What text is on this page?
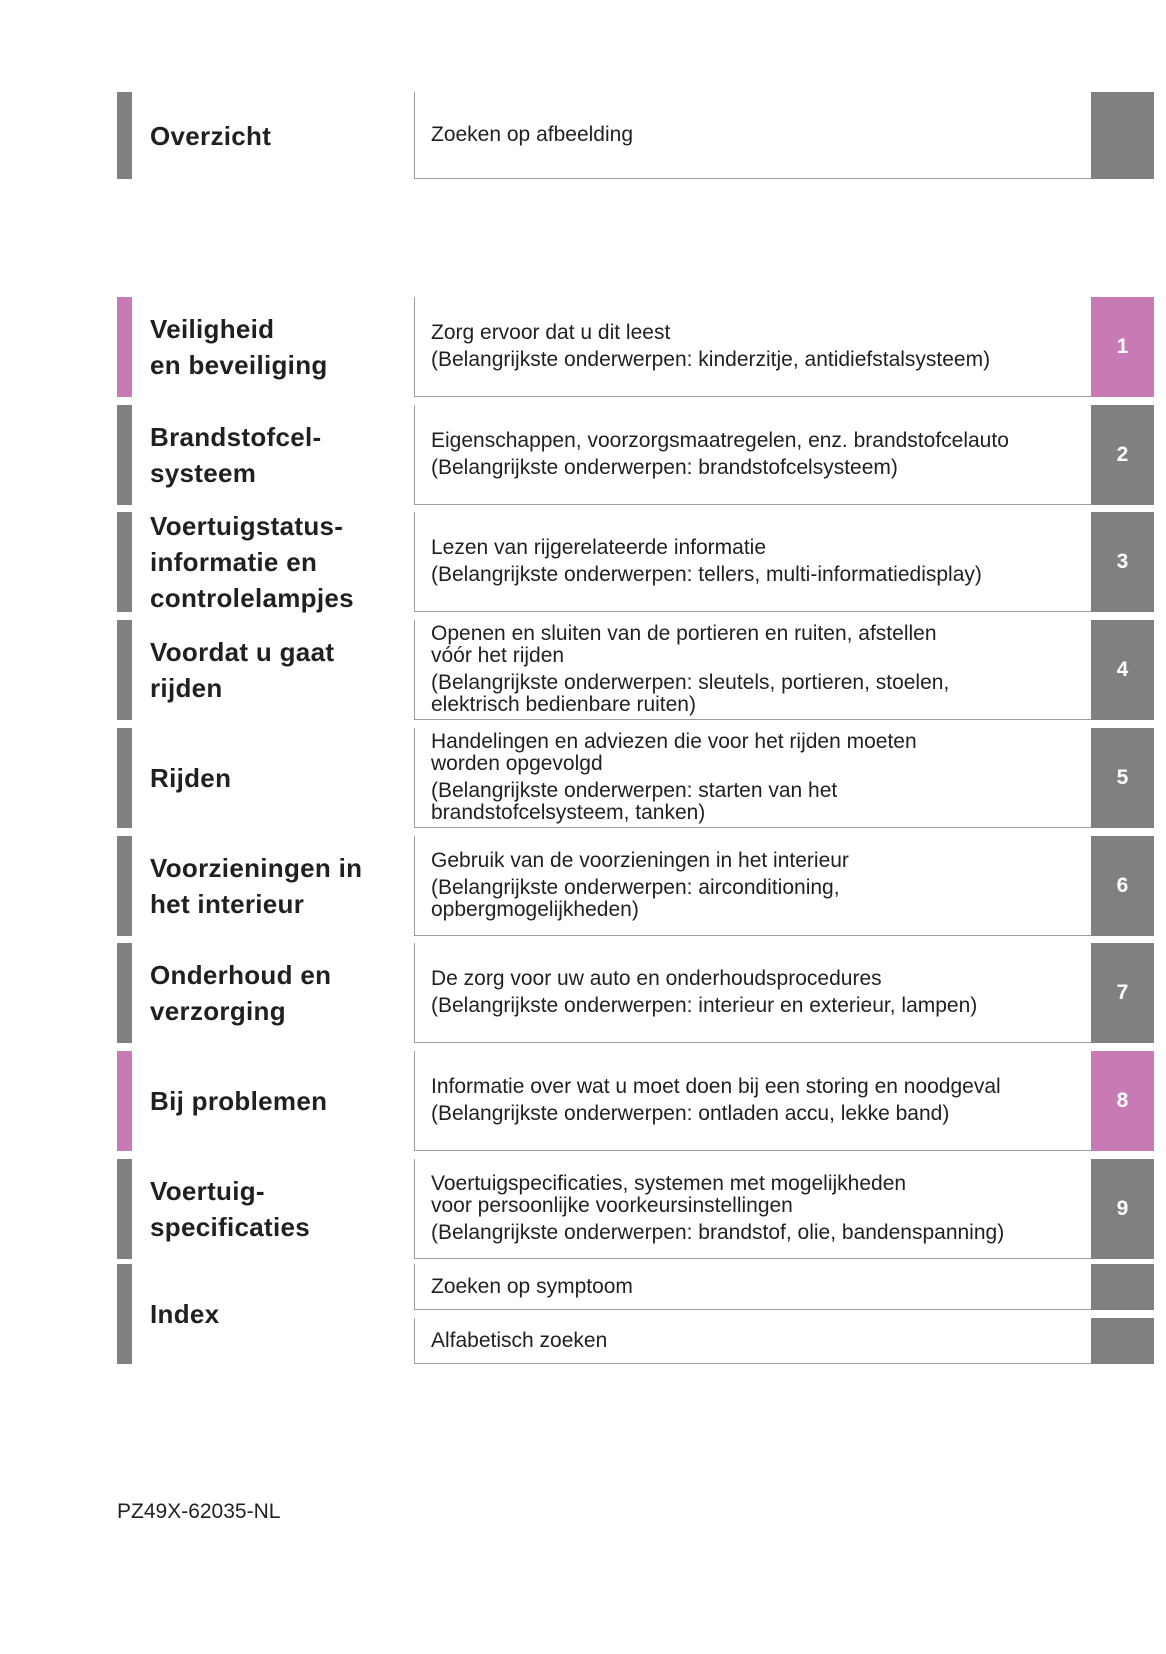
Overzicht	Zoeken op afbeelding
Veiligheid
en beveiliging
Zorg ervoor dat u dit leest
(Belangrijkste onderwerpen: kinderzitje, antidiefstalsysteem)
1
Brandstofcel-
systeem
Eigenschappen, voorzorgsmaatregelen, enz. brandstofcelauto
(Belangrijkste onderwerpen: brandstofcelsysteem)
2
Voertuigstatus-
informatie en
controlelampjes
Lezen van rijgerelateerde informatie
(Belangrijkste onderwerpen: tellers, multi-informatiedisplay)
3
Voordat u gaat
rijden
Openen en sluiten van de portieren en ruiten, afstellen
vóór het rijden
(Belangrijkste onderwerpen: sleutels, portieren, stoelen,
elektrisch bedienbare ruiten)
4
Rijden
Handelingen en adviezen die voor het rijden moeten
worden opgevolgd
(Belangrijkste onderwerpen: starten van het
brandstofcelsysteem, tanken)
5
Voorzieningen in
het interieur
Gebruik van de voorzieningen in het interieur
(Belangrijkste onderwerpen: airconditioning,
opbergmogelijkheden)
6
Onderhoud en
verzorging
De zorg voor uw auto en onderhoudsprocedures
(Belangrijkste onderwerpen: interieur en exterieur, lampen)
7
Bij problemen	Informatie over wat u moet doen bij een storing en noodgeval
(Belangrijkste onderwerpen: ontladen accu, lekke band)
8
Voertuig-
specificaties
Voertuigspecificaties, systemen met mogelijkheden
voor persoonlijke voorkeursinstellingen
(Belangrijkste onderwerpen: brandstof, olie, bandenspanning)
9
Index
Zoeken op symptoom
Alfabetisch zoeken
PZ49X-62035-NL
